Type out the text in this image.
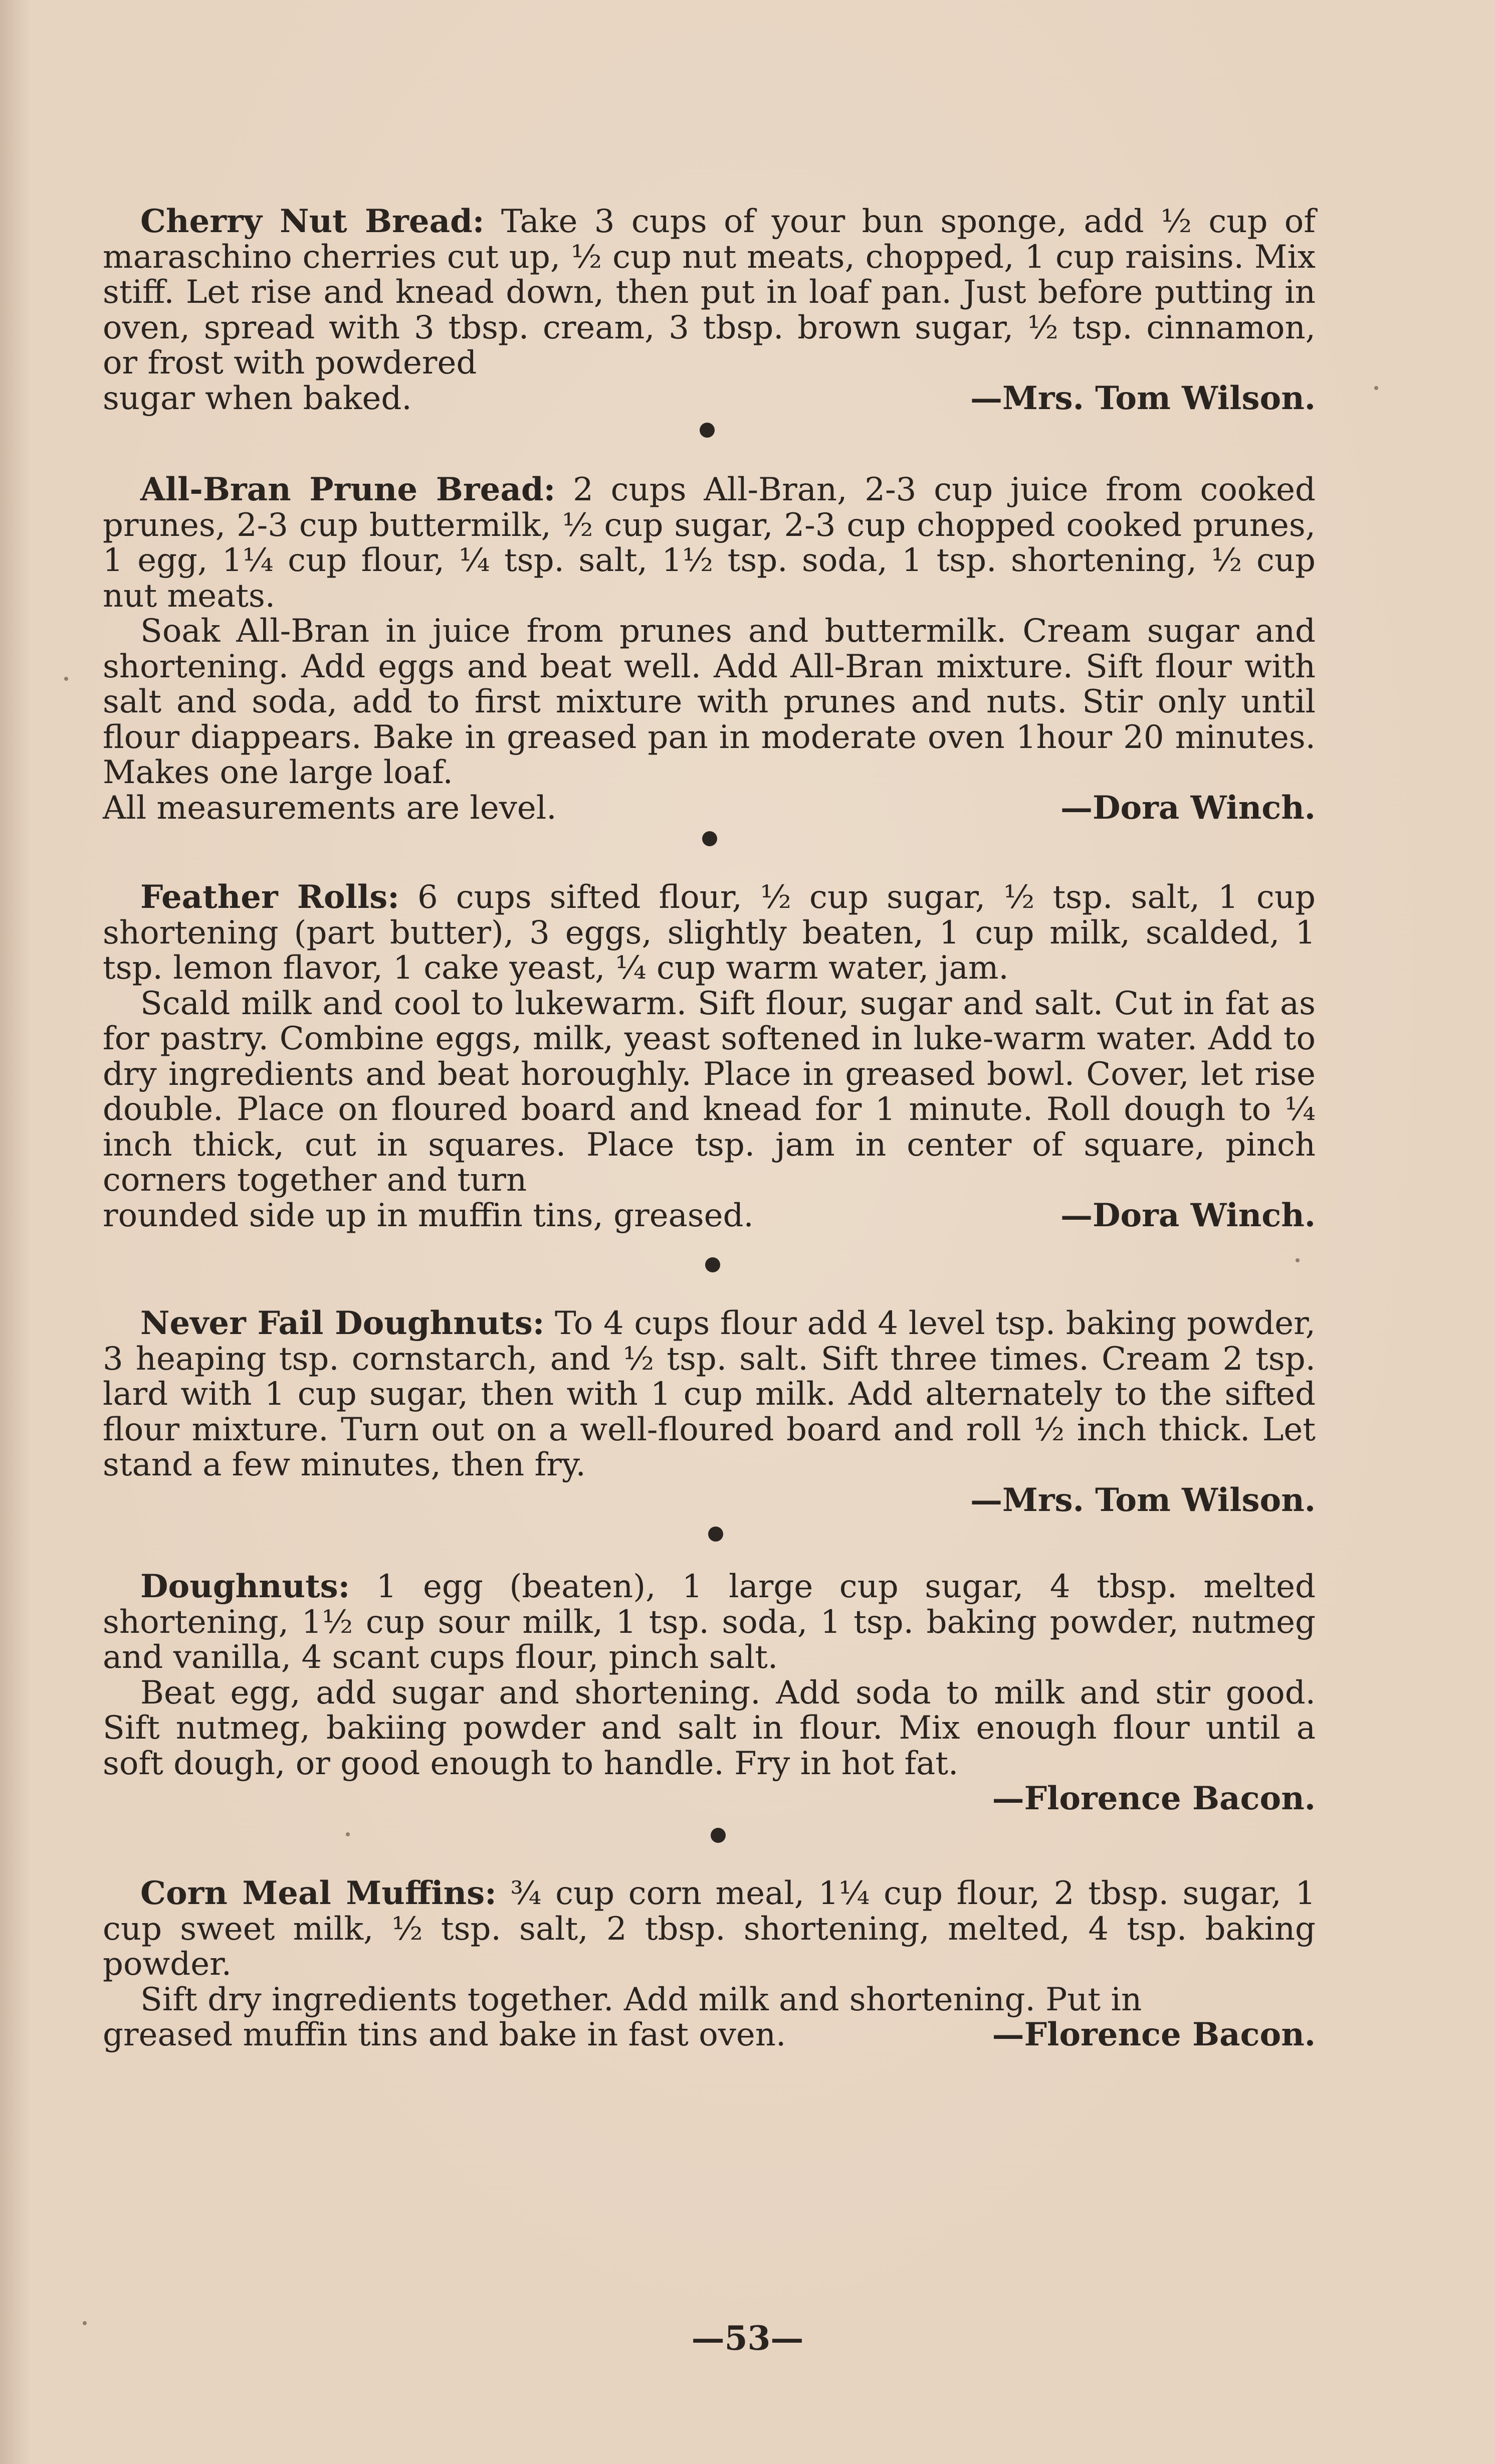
Cherry Nut Bread: Take 3 cups of your bun sponge, add ½ cup of maraschino cherries cut up, ½ cup nut meats, chopped, 1 cup raisins. Mix stiff. Let rise and knead down, then put in loaf pan. Just before putting in oven, spread with 3 tbsp. cream, 3 tbsp. brown sugar, ½ tsp. cinnamon, or frost with powdered

sugar when baked.	—Mrs. Tom Wilson.

All-Bran Prune Bread: 2 cups All-Bran, 2-3 cup juice from cooked prunes, 2-3 cup buttermilk, ½ cup sugar, 2-3 cup chopped cooked prunes, 1 egg, 1¼ cup flour, ¼ tsp. salt, 1½ tsp. soda, 1 tsp. shortening, ½ cup nut meats.

Soak All-Bran in juice from prunes and buttermilk. Cream sugar and shortening. Add eggs and beat well. Add All-Bran mixture. Sift flour with salt and soda, add to first mixture with prunes and nuts. Stir only until flour diappears. Bake in greased pan in moderate oven 1hour 20 minutes. Makes one large loaf.

All measurements are level.	—Dora Winch.

Feather Rolls: 6 cups sifted flour, ½ cup sugar, ½ tsp. salt, 1 cup shortening (part butter), 3 eggs, slightly beaten, 1 cup milk, scalded, 1 tsp. lemon flavor, 1 cake yeast, ¼ cup warm water, jam.

Scald milk and cool to lukewarm. Sift flour, sugar and salt. Cut in fat as for pastry. Combine eggs, milk, yeast softened in luke-warm water. Add to dry ingredients and beat horoughly. Place in greased bowl. Cover, let rise double. Place on floured board and knead for 1 minute. Roll dough to ¼ inch thick, cut in squares. Place tsp. jam in center of square, pinch corners together and turn

rounded side up in muffin tins, greased.	—Dora Winch.

Never Fail Doughnuts: To 4 cups flour add 4 level tsp. baking powder, 3 heaping tsp. cornstarch, and ½ tsp. salt. Sift three times. Cream 2 tsp. lard with 1 cup sugar, then with 1 cup milk. Add alternately to the sifted flour mixture. Turn out on a well-floured board and roll ½ inch thick. Let stand a few minutes, then fry.

—Mrs. Tom Wilson.

Doughnuts: 1 egg (beaten), 1 large cup sugar, 4 tbsp. melted shortening, 1½ cup sour milk, 1 tsp. soda, 1 tsp. baking powder, nutmeg and vanilla, 4 scant cups flour, pinch salt.

Beat egg, add sugar and shortening. Add soda to milk and stir good. Sift nutmeg, bakiing powder and salt in flour. Mix enough flour until a soft dough, or good enough to handle. Fry in hot fat.

—Florence Bacon.

Corn Meal Muffins: ¾ cup corn meal, 1¼ cup flour, 2 tbsp. sugar, 1 cup sweet milk, ½ tsp. salt, 2 tbsp. shortening, melted, 4 tsp. baking powder.

Sift dry ingredients together. Add milk and shortening. Put in

greased muffin tins and bake in fast oven.	—Florence Bacon.
—53—
